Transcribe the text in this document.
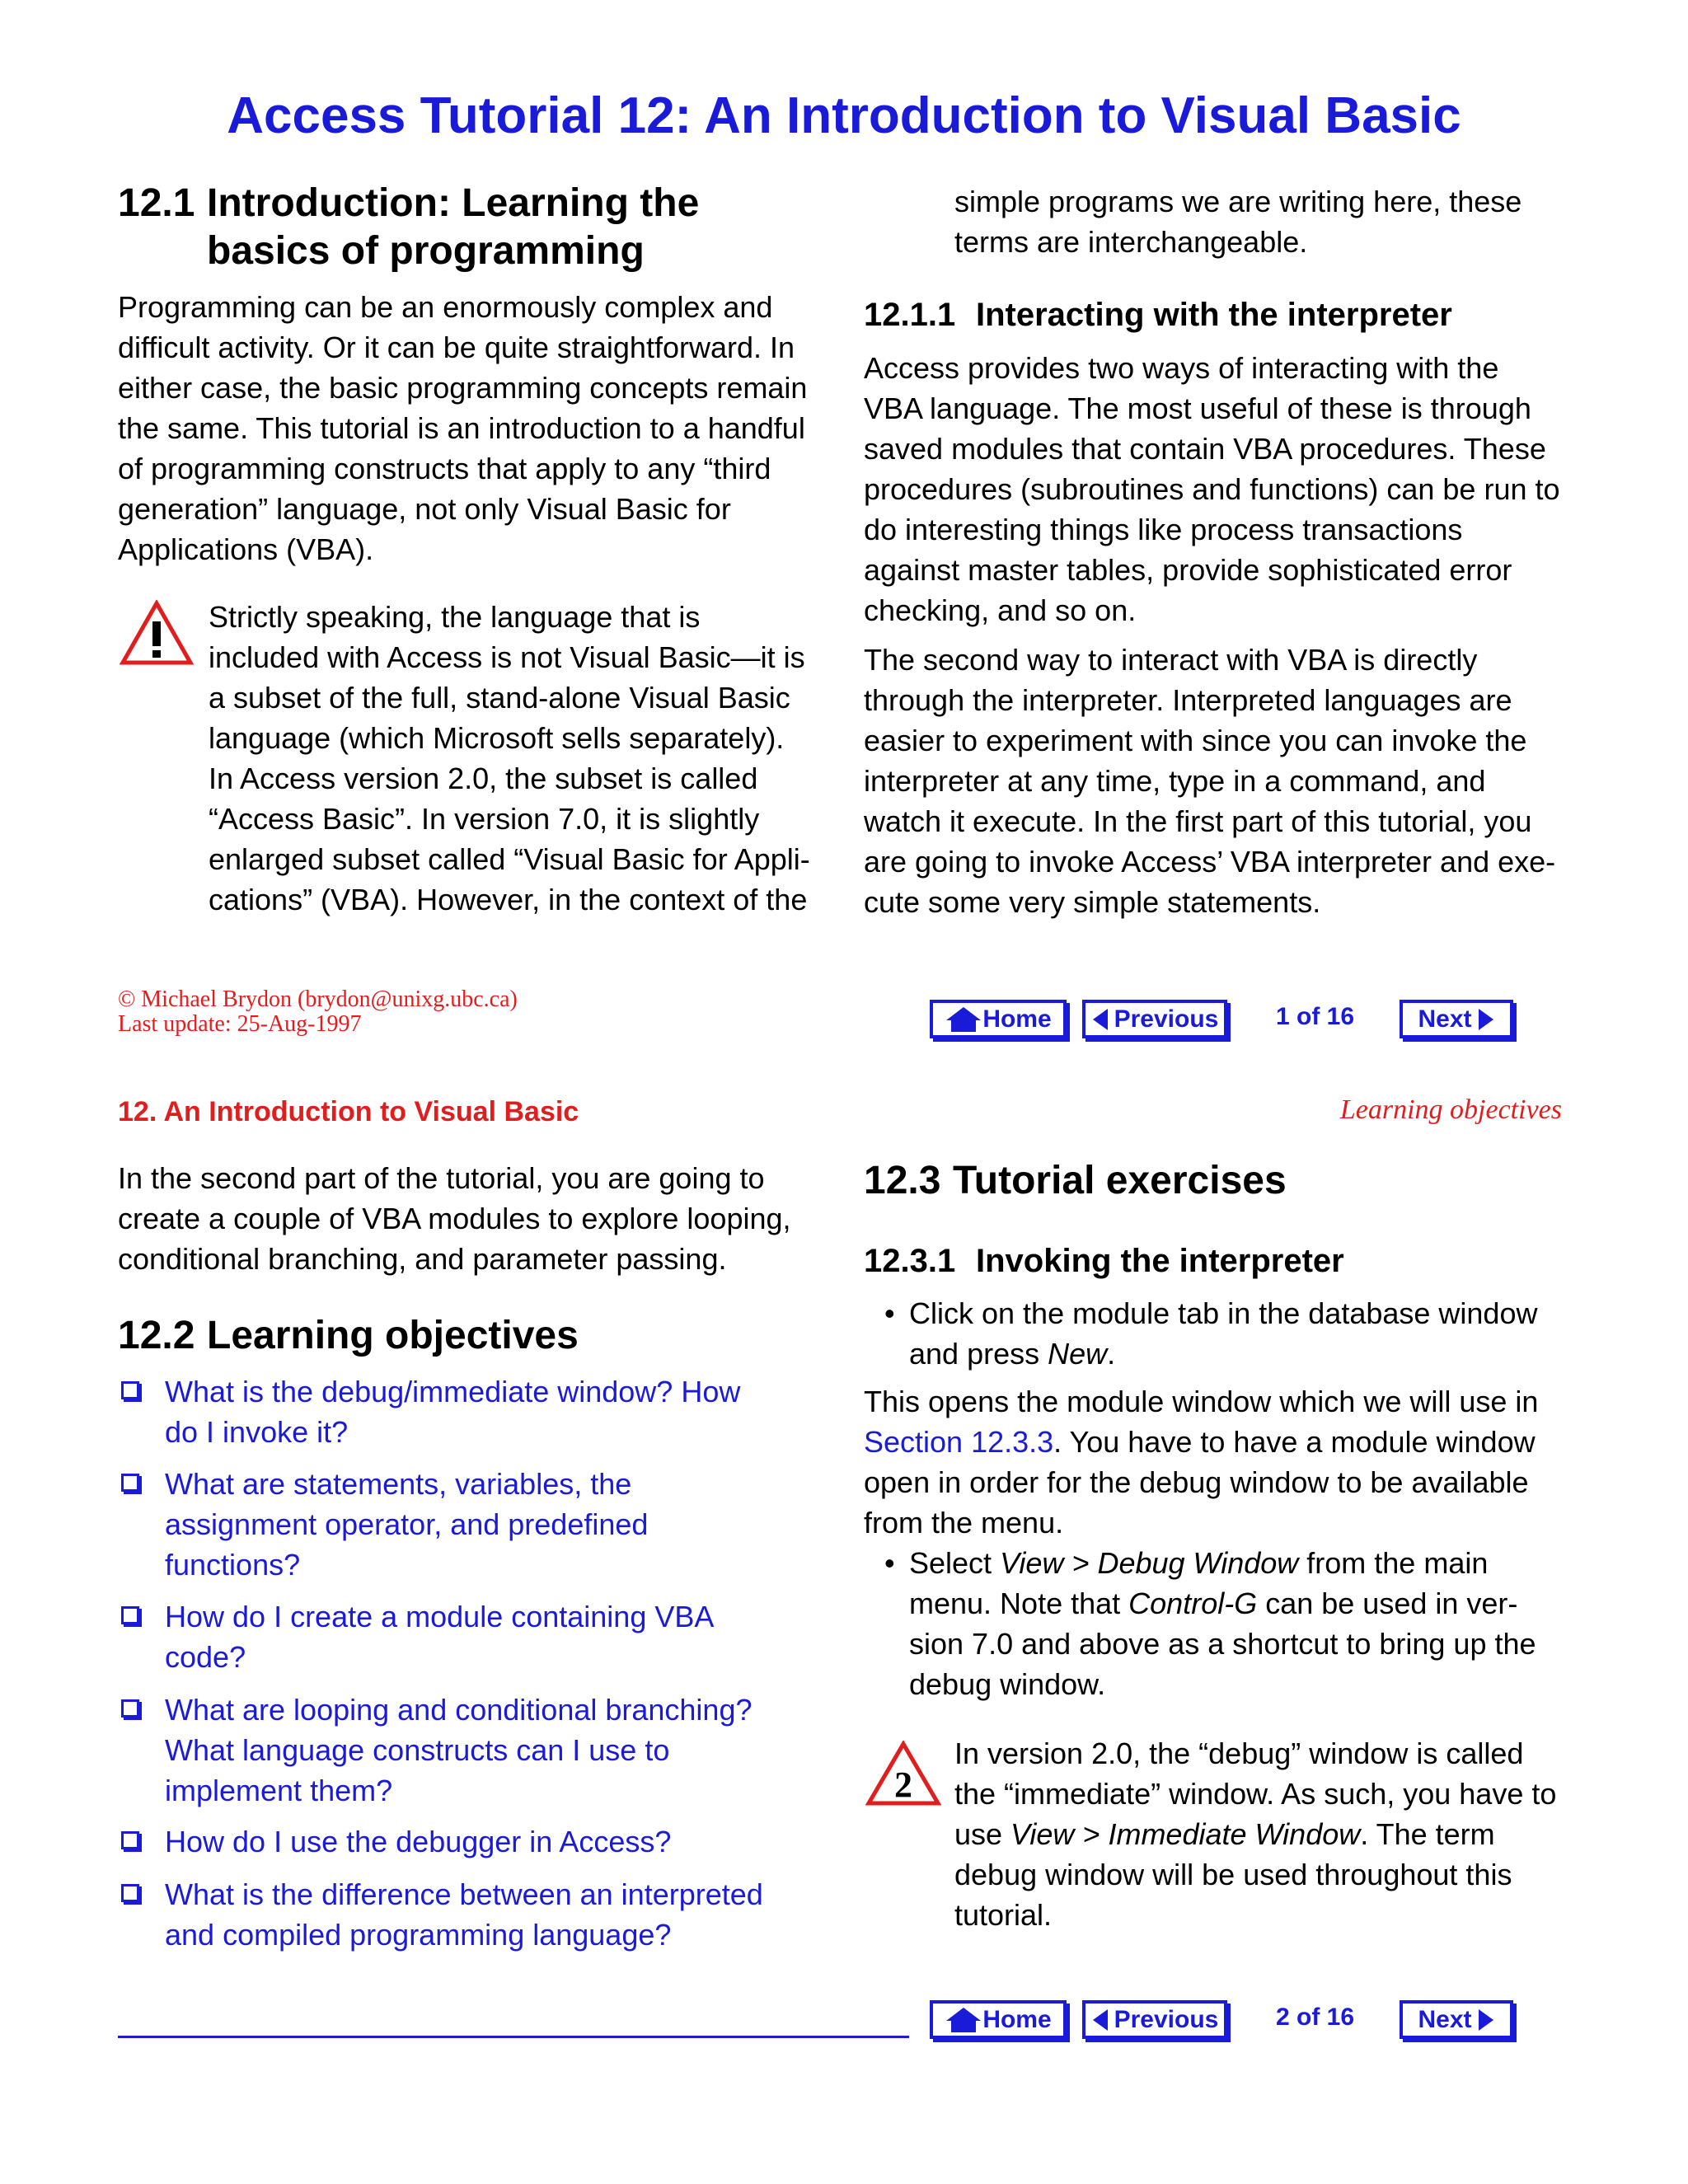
Access Tutorial 12: An Introduction to Visual Basic
12.1 Introduction: Learning the
basics of programming
Programming can be an enormously complex and
difficult activity. Or it can be quite straightforward. In
either case, the basic programming concepts remain
the same. This tutorial is an introduction to a handful
of programming constructs that apply to any “third
generation” language, not only Visual Basic for
Applications (VBA).
Strictly speaking, the language that is
included with Access is not Visual Basic—it is
a subset of the full, stand-alone Visual Basic
language (which Microsoft sells separately).
In Access version 2.0, the subset is called
“Access Basic”. In version 7.0, it is slightly
enlarged subset called “Visual Basic for Appli-
cations” (VBA). However, in the context of the
simple programs we are writing here, these
terms are interchangeable.
12.1.1 Interacting with the interpreter
Access provides two ways of interacting with the
VBA language. The most useful of these is through
saved modules that contain VBA procedures. These
procedures (subroutines and functions) can be run to
do interesting things like process transactions
against master tables, provide sophisticated error
checking, and so on.
The second way to interact with VBA is directly
through the interpreter. Interpreted languages are
easier to experiment with since you can invoke the
interpreter at any time, type in a command, and
watch it execute. In the first part of this tutorial, you
are going to invoke Access’ VBA interpreter and exe-
cute some very simple statements.
© Michael Brydon (brydon@unixg.ubc.ca)
Last update: 25-Aug-1997	Home	Previous 1 of 16	Next
12. An Introduction to Visual Basic	Learning objectives
In the second part of the tutorial, you are going to
create a couple of VBA modules to explore looping,
conditional branching, and parameter passing.
12.2 Learning objectives
What is the debug/immediate window? How
do I invoke it?
What are statements, variables, the
assignment operator, and predefined
functions?
How do I create a module containing VBA
code?
What are looping and conditional branching?
What language constructs can I use to
implement them?
How do I use the debugger in Access?
What is the difference between an interpreted
and compiled programming language?
12.3 Tutorial exercises
12.3.1 Invoking the interpreter
• Click on the module tab in the database window
and press New.
This opens the module window which we will use in
Section 12.3.3. You have to have a module window
open in order for the debug window to be available
from the menu.
• Select View > Debug Window from the main
menu. Note that Control-G can be used in ver-
sion 7.0 and above as a shortcut to bring up the
debug window.
2
In version 2.0, the “debug” window is called
the “immediate” window. As such, you have to
use View > Immediate Window. The term
debug window will be used throughout this
tutorial.
Home	Previous 2 of 16	Next
